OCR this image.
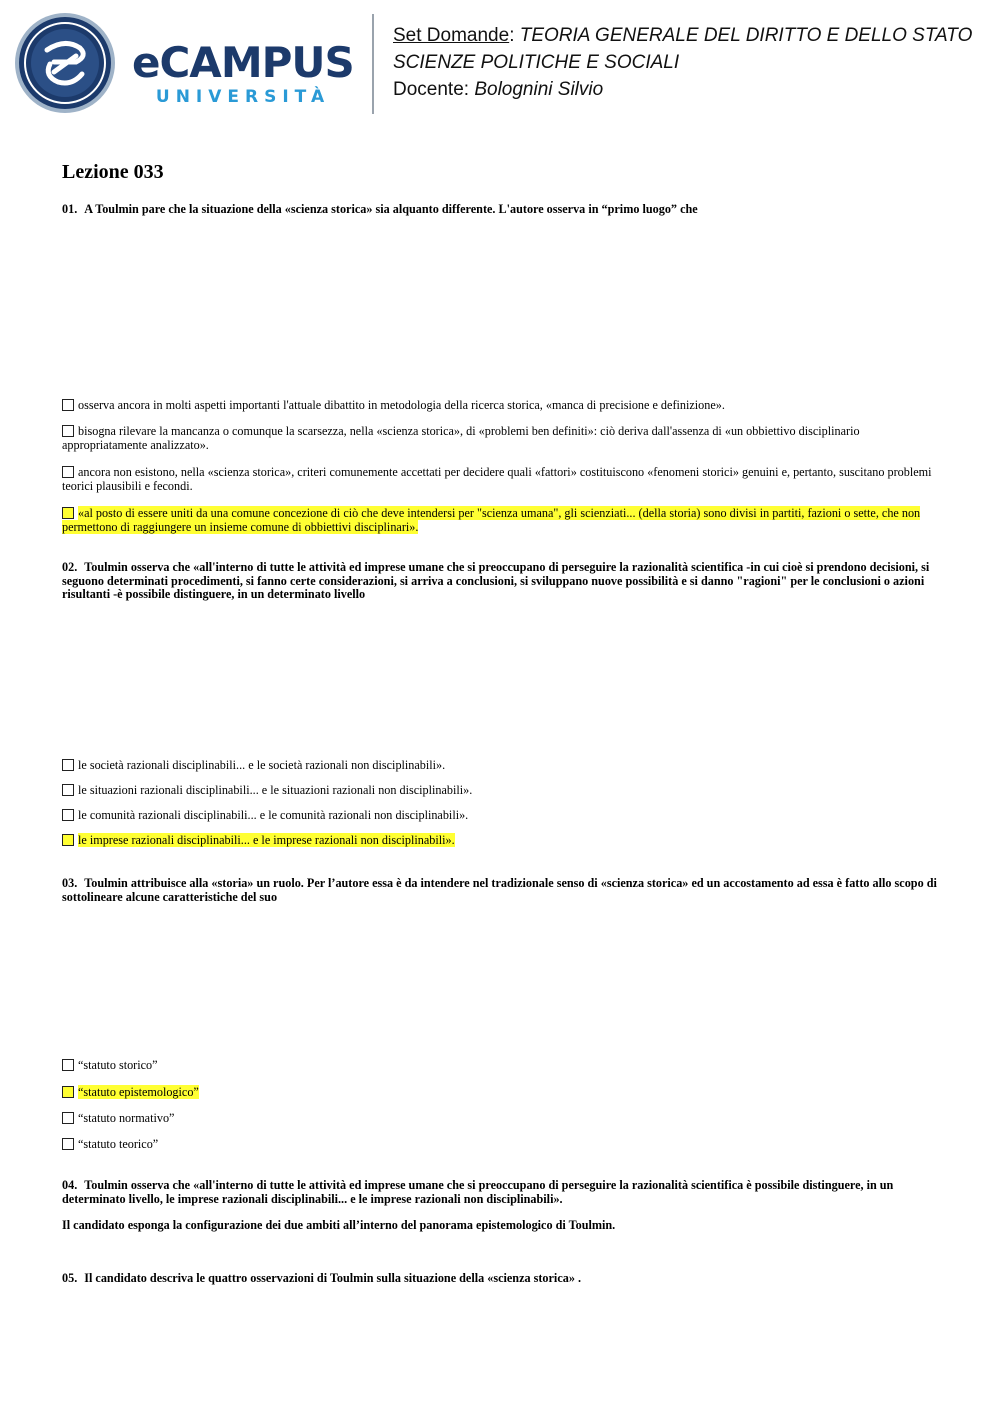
eCAMPUS
UNIVERSITÀ
Set Domande: TEORIA GENERALE DEL DIRITTO E DELLO STATO
SCIENZE POLITICHE E SOCIALI
Docente: Bolognini Silvio
Lezione 033
01. A Toulmin pare che la situazione della «scienza storica» sia alquanto differente. L'autore osserva in “primo luogo” che
osserva ancora in molti aspetti importanti l'attuale dibattito in metodologia della ricerca storica, «manca di precisione e definizione».
bisogna rilevare la mancanza o comunque la scarsezza, nella «scienza storica», di «problemi ben definiti»: ciò deriva dall'assenza di «un obbiettivo disciplinario appropriatamente analizzato».
ancora non esistono, nella «scienza storica», criteri comunemente accettati per decidere quali «fattori» costituiscono «fenomeni storici» genuini e, pertanto, suscitano problemi teorici plausibili e fecondi.
«al posto di essere uniti da una comune concezione di ciò che deve intendersi per "scienza umana", gli scienziati... (della storia) sono divisi in partiti, fazioni o sette, che non permettono di raggiungere un insieme comune di obbiettivi disciplinari».
02. Toulmin osserva che «all'interno di tutte le attività ed imprese umane che si preoccupano di perseguire la razionalità scientifica -in cui cioè si prendono decisioni, si seguono determinati procedimenti, si fanno certe considerazioni, si arriva a conclusioni, si sviluppano nuove possibilità e si danno "ragioni" per le conclusioni o azioni risultanti -è possibile distinguere, in un determinato livello
le società razionali disciplinabili... e le società razionali non disciplinabili».
le situazioni razionali disciplinabili... e le situazioni razionali non disciplinabili».
le comunità razionali disciplinabili... e le comunità razionali non disciplinabili».
le imprese razionali disciplinabili... e le imprese razionali non disciplinabili».
03. Toulmin attribuisce alla «storia» un ruolo. Per l’autore essa è da intendere nel tradizionale senso di «scienza storica» ed un accostamento ad essa è fatto allo scopo di sottolineare alcune caratteristiche del suo
“statuto storico”
“statuto epistemologico”
“statuto normativo”
“statuto teorico”
04. Toulmin osserva che «all'interno di tutte le attività ed imprese umane che si preoccupano di perseguire la razionalità scientifica è possibile distinguere, in un determinato livello, le imprese razionali disciplinabili... e le imprese razionali non disciplinabili».
Il candidato esponga la configurazione dei due ambiti all’interno del panorama epistemologico di Toulmin.
05. Il candidato descriva le quattro osservazioni di Toulmin sulla situazione della «scienza storica» .
